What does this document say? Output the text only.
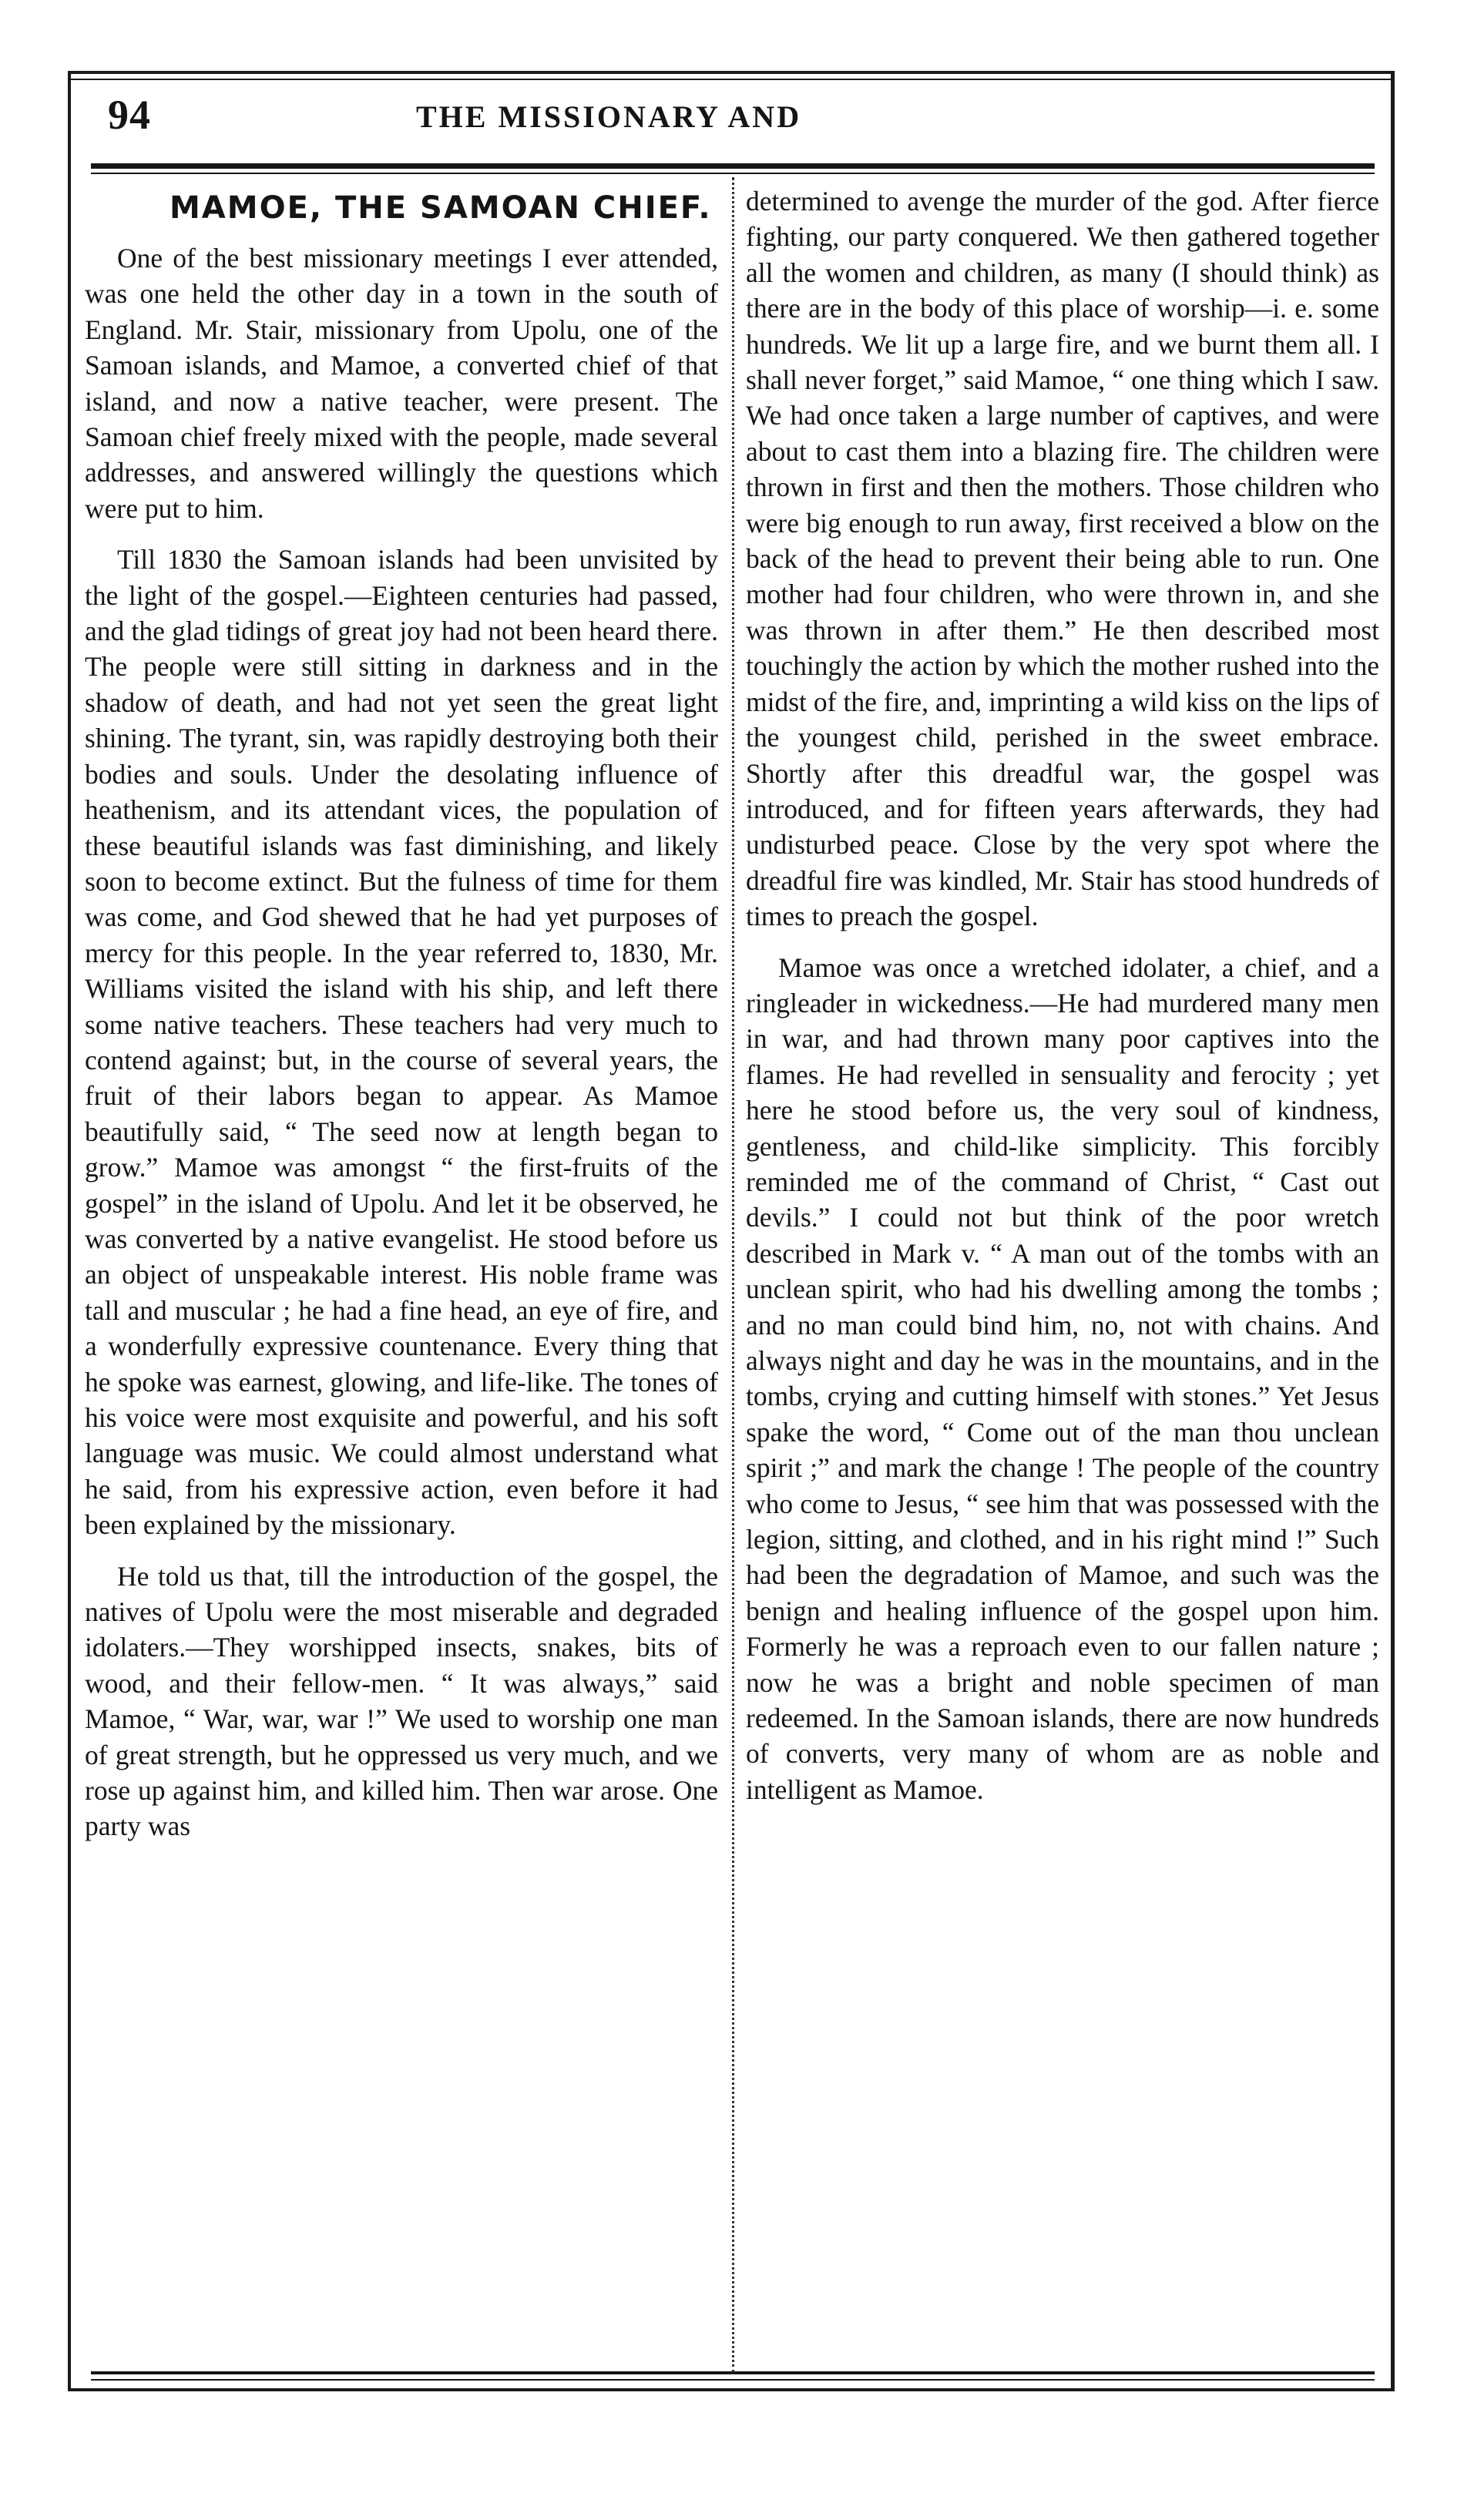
94	THE MISSIONARY AND
MAMOE, THE SAMOAN CHIEF.

One of the best missionary meetings I ever attended, was one held the other day in a town in the south of England. Mr. Stair, missionary from Upolu, one of the Samoan islands, and Mamoe, a converted chief of that island, and now a native teacher, were present. The Samoan chief freely mixed with the people, made several addresses, and answered willingly the questions which were put to him.

Till 1830 the Samoan islands had been unvisited by the light of the gospel.—Eighteen centuries had passed, and the glad tidings of great joy had not been heard there. The people were still sitting in darkness and in the shadow of death, and had not yet seen the great light shining. The tyrant, sin, was rapidly destroying both their bodies and souls. Under the desolating influence of heathenism, and its attendant vices, the population of these beautiful islands was fast diminishing, and likely soon to become extinct. But the fulness of time for them was come, and God shewed that he had yet purposes of mercy for this people. In the year referred to, 1830, Mr. Williams visited the island with his ship, and left there some native teachers. These teachers had very much to contend against; but, in the course of several years, the fruit of their labors began to appear. As Mamoe beautifully said, “ The seed now at length began to grow.” Mamoe was amongst “ the first-fruits of the gospel” in the island of Upolu. And let it be observed, he was converted by a native evangelist. He stood before us an object of unspeakable interest. His noble frame was tall and muscular ; he had a fine head, an eye of fire, and a wonderfully expressive countenance. Every thing that he spoke was earnest, glowing, and life-like. The tones of his voice were most exquisite and powerful, and his soft language was music. We could almost understand what he said, from his expressive action, even before it had been explained by the missionary.

He told us that, till the introduction of the gospel, the natives of Upolu were the most miserable and degraded idolaters.—They worshipped insects, snakes, bits of wood, and their fellow-men. “ It was always,” said Mamoe, “ War, war, war !” We used to worship one man of great strength, but he oppressed us very much, and we rose up against him, and killed him. Then war arose. One party was

determined to avenge the murder of the god. After fierce fighting, our party conquered. We then gathered together all the women and children, as many (I should think) as there are in the body of this place of worship—i. e. some hundreds. We lit up a large fire, and we burnt them all. I shall never forget,” said Mamoe, “ one thing which I saw. We had once taken a large number of captives, and were about to cast them into a blazing fire. The children were thrown in first and then the mothers. Those children who were big enough to run away, first received a blow on the back of the head to prevent their being able to run. One mother had four children, who were thrown in, and she was thrown in after them.” He then described most touchingly the action by which the mother rushed into the midst of the fire, and, imprinting a wild kiss on the lips of the youngest child, perished in the sweet embrace. Shortly after this dreadful war, the gospel was introduced, and for fifteen years afterwards, they had undisturbed peace. Close by the very spot where the dreadful fire was kindled, Mr. Stair has stood hundreds of times to preach the gospel.

Mamoe was once a wretched idolater, a chief, and a ringleader in wickedness.—He had murdered many men in war, and had thrown many poor captives into the flames. He had revelled in sensuality and ferocity ; yet here he stood before us, the very soul of kindness, gentleness, and child-like simplicity. This forcibly reminded me of the command of Christ, “ Cast out devils.” I could not but think of the poor wretch described in Mark v. “ A man out of the tombs with an unclean spirit, who had his dwelling among the tombs ; and no man could bind him, no, not with chains. And always night and day he was in the mountains, and in the tombs, crying and cutting himself with stones.” Yet Jesus spake the word, “ Come out of the man thou unclean spirit ;” and mark the change ! The people of the country who come to Jesus, “ see him that was possessed with the legion, sitting, and clothed, and in his right mind !” Such had been the degradation of Mamoe, and such was the benign and healing influence of the gospel upon him. Formerly he was a reproach even to our fallen nature ; now he was a bright and noble specimen of man redeemed. In the Samoan islands, there are now hundreds of converts, very many of whom are as noble and intelligent as Mamoe.
